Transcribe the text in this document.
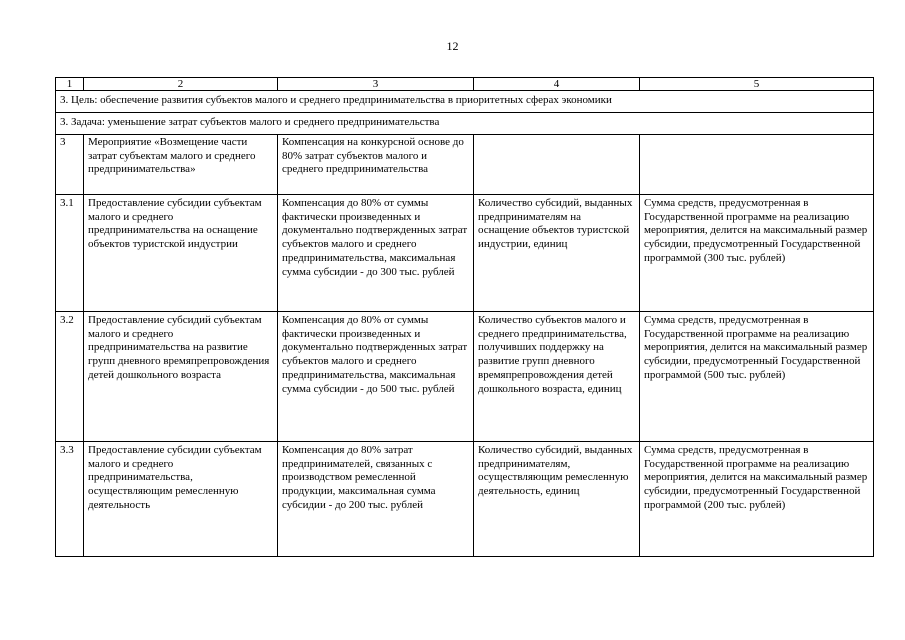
12
1	2	3	4	5
3. Цель: обеспечение развития субъектов малого и среднего предпринимательства в приоритетных сферах экономики				
3. Задача: уменьшение затрат субъектов малого и среднего предпринимательства				
3	Мероприятие «Возмещение части затрат субъектам малого и среднего предпринимательства»	Компенсация на конкурсной основе до 80% затрат субъектов малого и среднего предпринимательства		
3.1	Предоставление субсидии субъектам малого и среднего предпринимательства на оснащение объектов туристской индустрии	Компенсация до 80% от суммы фактически произведенных и документально подтвержденных затрат субъектов малого и среднего предпринимательства, максимальная сумма субсидии - до 300 тыс. рублей	Количество субсидий, выданных предпринимателям на оснащение объектов туристской индустрии, единиц	Сумма средств, предусмотренная в Государственной программе на реализацию мероприятия, делится на максимальный размер субсидии, предусмотренный Государственной программой (300 тыс. рублей)
3.2	Предоставление субсидий субъектам малого и среднего предпринимательства на развитие групп дневного времяпрепровождения детей дошкольного возраста	Компенсация до 80% от суммы фактически произведенных и документально подтвержденных затрат субъектов малого и среднего предпринимательства, максимальная сумма субсидии - до 500 тыс. рублей	Количество субъектов малого и среднего предпринимательства, получивших поддержку на развитие групп дневного времяпрепровождения детей дошкольного возраста, единиц	Сумма средств, предусмотренная в Государственной программе на реализацию мероприятия, делится на максимальный размер субсидии, предусмотренный Государственной программой (500 тыс. рублей)
3.3	Предоставление субсидии субъектам малого и среднего предпринимательства, осуществляющим ремесленную деятельность	Компенсация до 80% затрат предпринимателей, связанных с производством ремесленной продукции, максимальная сумма субсидии - до 200 тыс. рублей	Количество субсидий, выданных предпринимателям, осуществляющим ремесленную деятельность, единиц	Сумма средств, предусмотренная в Государственной программе на реализацию мероприятия, делится на максимальный размер субсидии, предусмотренный Государственной программой (200 тыс. рублей)
